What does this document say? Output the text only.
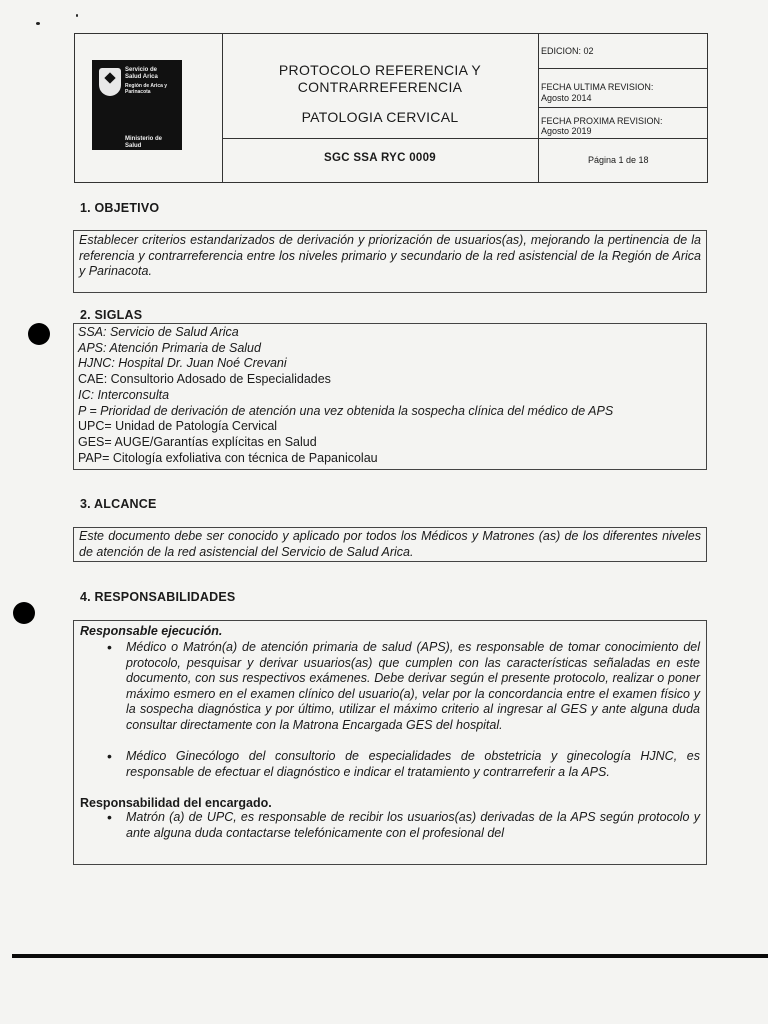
Servicio de
Salud Arica
Región de Arica y
Parinacota
Ministerio de
Salud
PROTOCOLO REFERENCIA Y
CONTRARREFERENCIA
PATOLOGIA CERVICAL
SGC SSA RYC 0009
EDICION: 02
FECHA ULTIMA REVISION:
Agosto 2014
FECHA PROXIMA REVISION:
Agosto 2019
Página 1 de 18
1. OBJETIVO
Establecer criterios estandarizados de derivación y priorización de usuarios(as), mejorando la pertinencia de la referencia y contrarreferencia entre los niveles primario y secundario de la red asistencial de la Región de Arica y Parinacota.
2. SIGLAS
SSA: Servicio de Salud Arica
APS: Atención Primaria de Salud
HJNC: Hospital Dr. Juan Noé Crevani
CAE: Consultorio Adosado de Especialidades
IC: Interconsulta
P = Prioridad de derivación de atención una vez obtenida la sospecha clínica del médico de APS
UPC= Unidad de Patología Cervical
GES= AUGE/Garantías explícitas en Salud
PAP= Citología exfoliativa con técnica de Papanicolau
3. ALCANCE
Este documento debe ser conocido y aplicado por todos los Médicos y Matrones (as) de los diferentes niveles de atención de la red asistencial del Servicio de Salud Arica.
4. RESPONSABILIDADES
Responsable ejecución.
• Médico o Matrón(a) de atención primaria de salud (APS), es responsable de tomar conocimiento del protocolo, pesquisar y derivar usuarios(as) que cumplen con las características señaladas en este documento, con sus respectivos exámenes. Debe derivar según el presente protocolo, realizar o poner máximo esmero en el examen clínico del usuario(a), velar por la concordancia entre el examen físico y la sospecha diagnóstica y por último, utilizar el máximo criterio al ingresar al GES y ante alguna duda consultar directamente con la Matrona Encargada GES del hospital.
• Médico Ginecólogo del consultorio de especialidades de obstetricia y ginecología HJNC, es responsable de efectuar el diagnóstico e indicar el tratamiento y contrarreferir a la APS.
Responsabilidad del encargado.
• Matrón (a) de UPC, es responsable de recibir los usuarios(as) derivadas de la APS según protocolo y ante alguna duda contactarse telefónicamente con el profesional del
